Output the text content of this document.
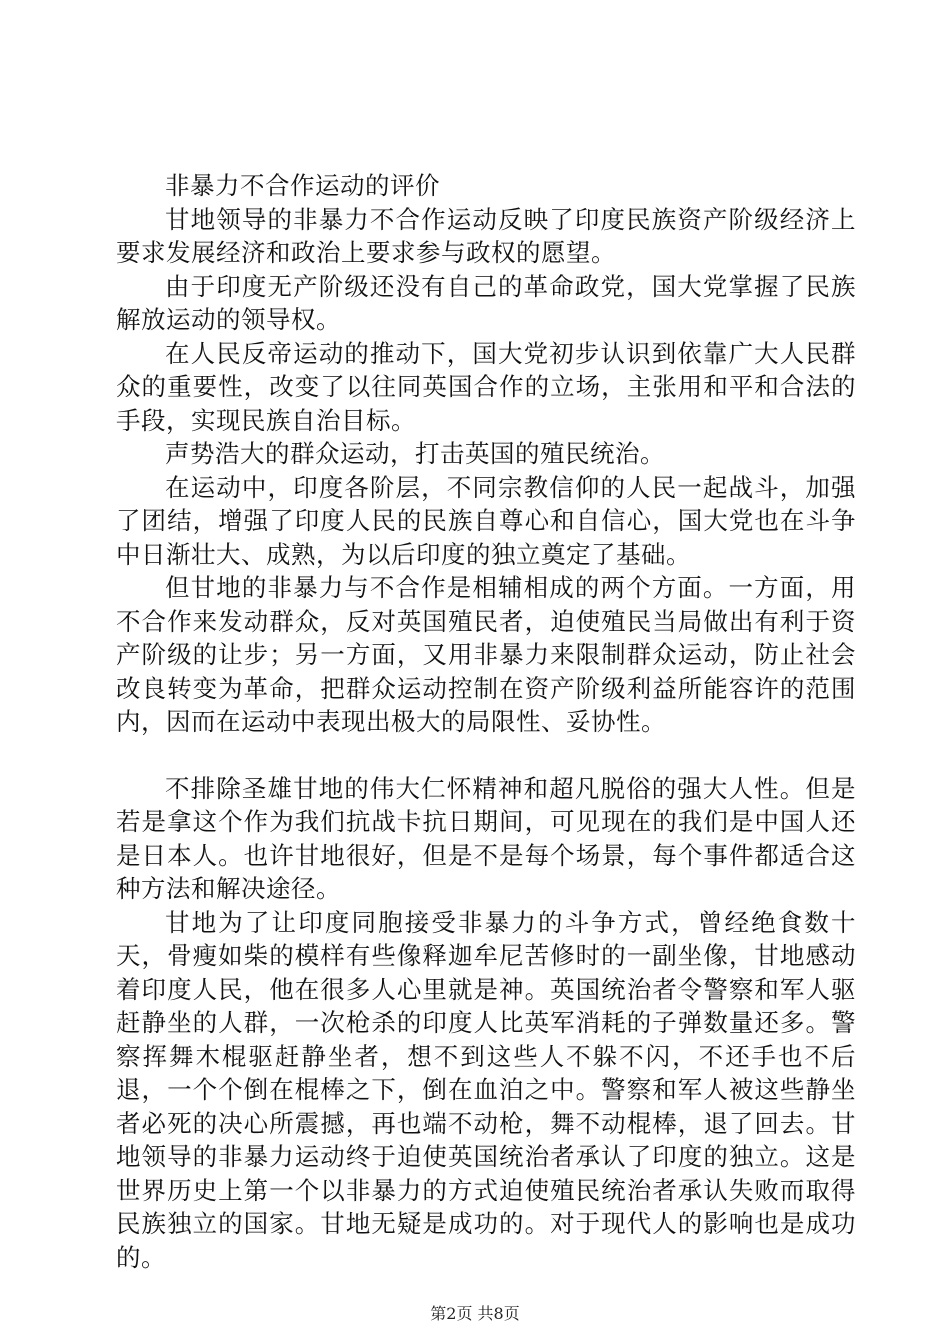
非暴力不合作运动的评价

甘地领导的非暴力不合作运动反映了印度民族资产阶级经济上要求发展经济和政治上要求参与政权的愿望。

由于印度无产阶级还没有自己的革命政党，国大党掌握了民族解放运动的领导权。

在人民反帝运动的推动下，国大党初步认识到依靠广大人民群众的重要性，改变了以往同英国合作的立场，主张用和平和合法的手段，实现民族自治目标。

声势浩大的群众运动，打击英国的殖民统治。

在运动中，印度各阶层，不同宗教信仰的人民一起战斗，加强了团结，增强了印度人民的民族自尊心和自信心，国大党也在斗争中日渐壮大、成熟，为以后印度的独立奠定了基础。

但甘地的非暴力与不合作是相辅相成的两个方面。一方面，用不合作来发动群众，反对英国殖民者，迫使殖民当局做出有利于资产阶级的让步；另一方面，又用非暴力来限制群众运动，防止社会改良转变为革命，把群众运动控制在资产阶级利益所能容许的范围内，因而在运动中表现出极大的局限性、妥协性。

不排除圣雄甘地的伟大仁怀精神和超凡脱俗的强大人性。但是若是拿这个作为我们抗战卡抗日期间，可见现在的我们是中国人还是日本人。也许甘地很好，但是不是每个场景，每个事件都适合这种方法和解决途径。

甘地为了让印度同胞接受非暴力的斗争方式，曾经绝食数十天，骨瘦如柴的模样有些像释迦牟尼苦修时的一副坐像，甘地感动着印度人民，他在很多人心里就是神。英国统治者令警察和军人驱赶静坐的人群，一次枪杀的印度人比英军消耗的子弹数量还多。警察挥舞木棍驱赶静坐者，想不到这些人不躲不闪，不还手也不后退，一个个倒在棍棒之下，倒在血泊之中。警察和军人被这些静坐者必死的决心所震撼，再也端不动枪，舞不动棍棒，退了回去。甘地领导的非暴力运动终于迫使英国统治者承认了印度的独立。这是世界历史上第一个以非暴力的方式迫使殖民统治者承认失败而取得民族独立的国家。甘地无疑是成功的。对于现代人的影响也是成功的。

第2页 共8页
